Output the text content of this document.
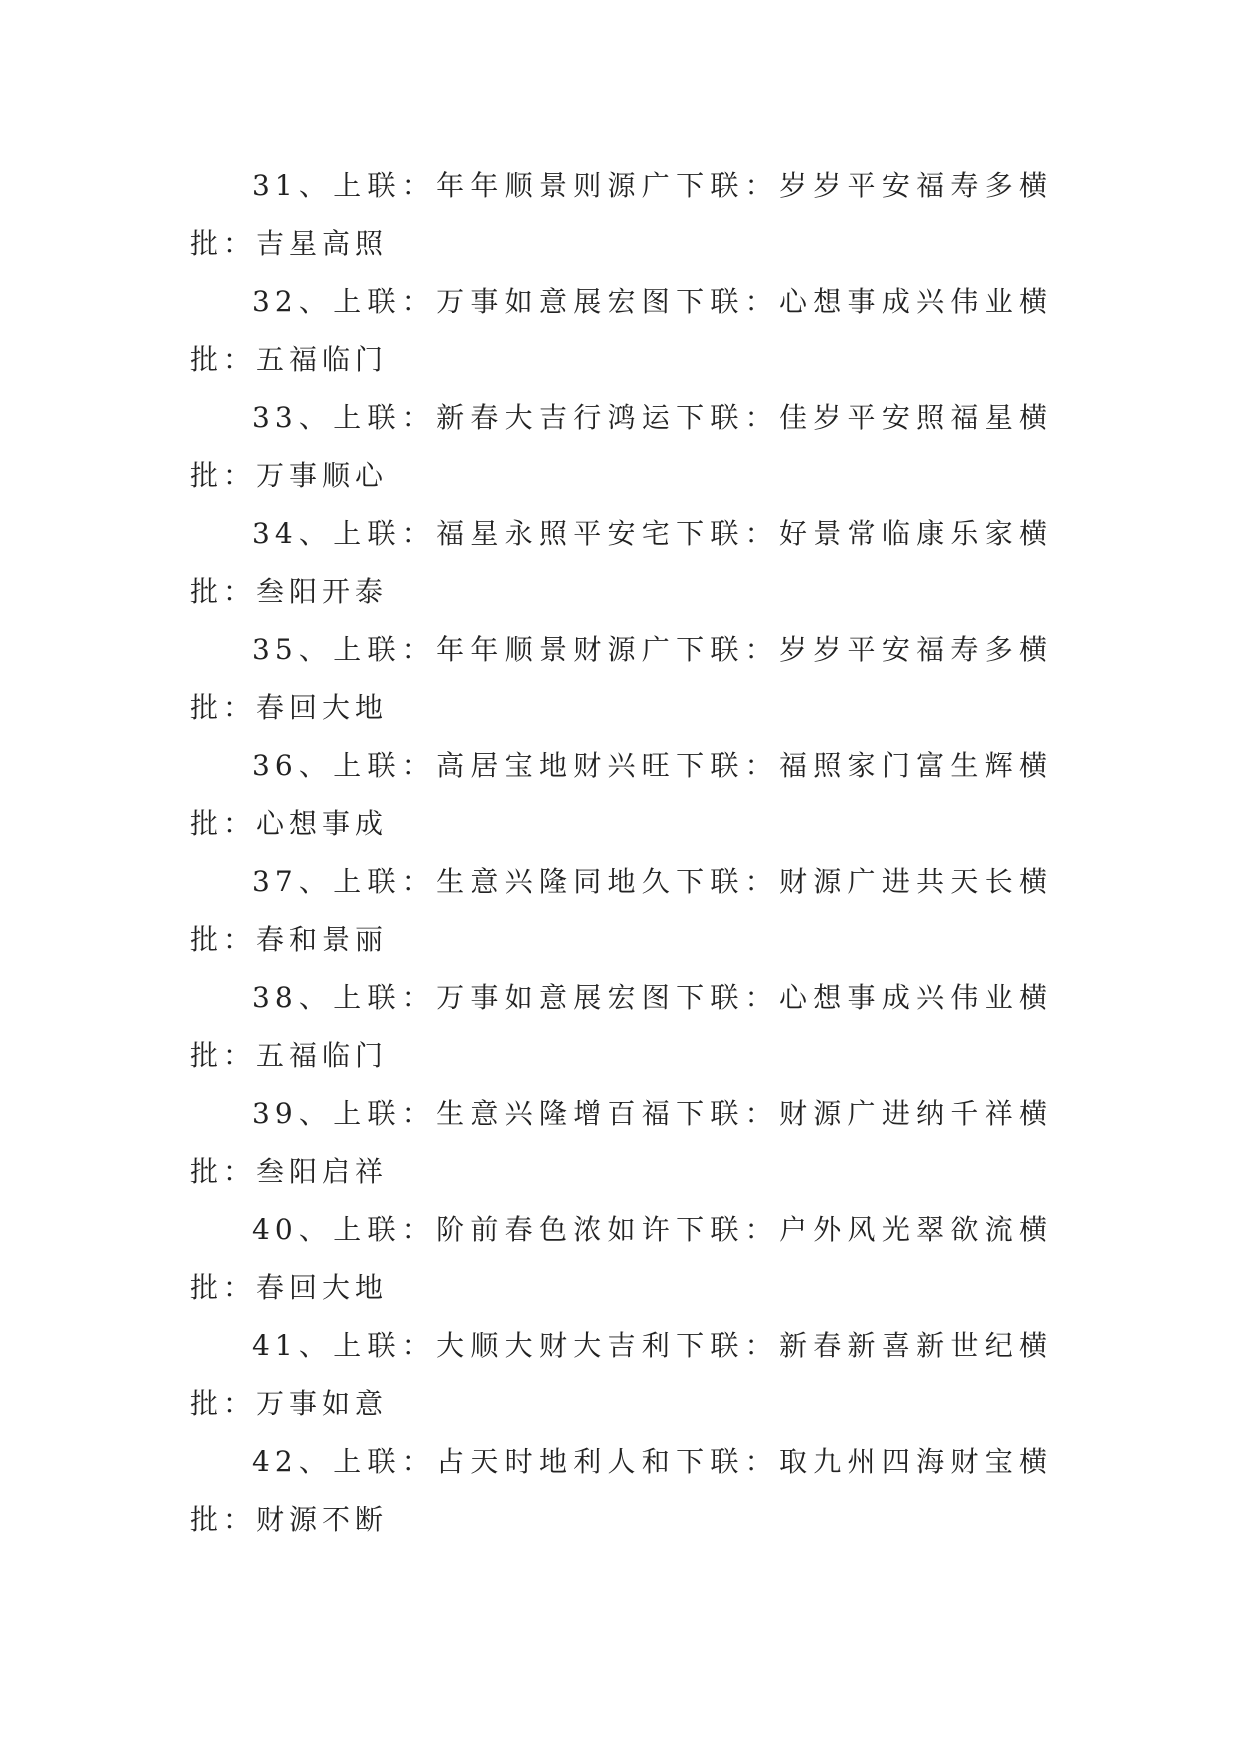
31、上联：年年顺景则源广下联：岁岁平安福寿多横批：吉星高照

32、上联：万事如意展宏图下联：心想事成兴伟业横批：五福临门

33、上联：新春大吉行鸿运下联：佳岁平安照福星横批：万事顺心

34、上联：福星永照平安宅下联：好景常临康乐家横批：叁阳开泰

35、上联：年年顺景财源广下联：岁岁平安福寿多横批：春回大地

36、上联：高居宝地财兴旺下联：福照家门富生辉横批：心想事成

37、上联：生意兴隆同地久下联：财源广进共天长横批：春和景丽

38、上联：万事如意展宏图下联：心想事成兴伟业横批：五福临门

39、上联：生意兴隆增百福下联：财源广进纳千祥横批：叁阳启祥

40、上联：阶前春色浓如许下联：户外风光翠欲流横批：春回大地

41、上联：大顺大财大吉利下联：新春新喜新世纪横批：万事如意

42、上联：占天时地利人和下联：取九州四海财宝横批：财源不断
